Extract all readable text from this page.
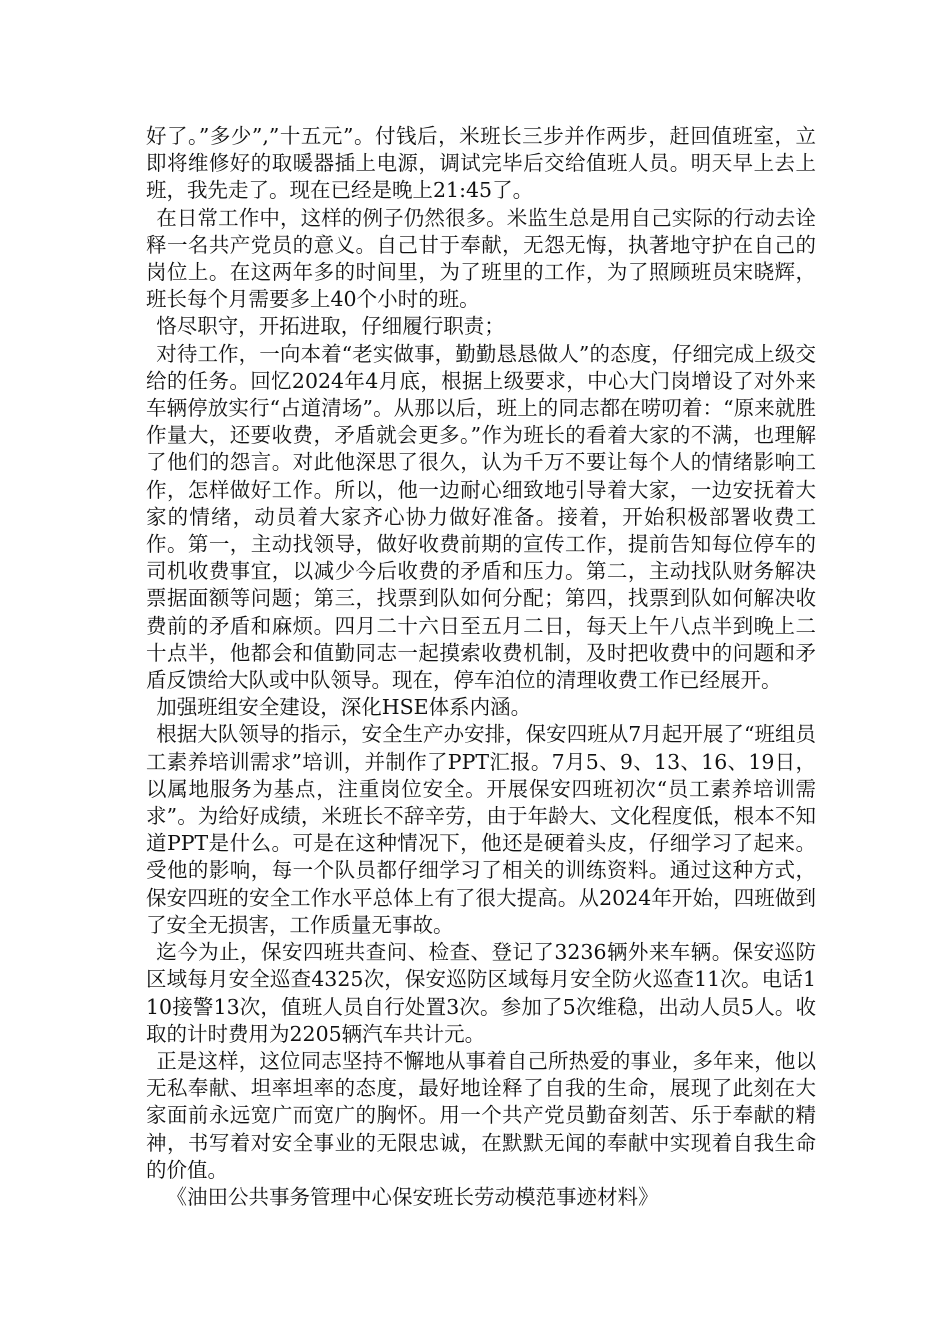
好了。”多少”,”十五元”。付钱后，米班长三步并作两步，赶回值班室，立即将维修好的取暖器插上电源，调试完毕后交给值班人员。明天早上去上班，我先走了。现在已经是晚上21:45了。

在日常工作中，这样的例子仍然很多。米监生总是用自己实际的行动去诠释一名共产党员的意义。自己甘于奉献，无怨无悔，执著地守护在自己的岗位上。在这两年多的时间里，为了班里的工作，为了照顾班员宋晓辉，班长每个月需要多上40个小时的班。

恪尽职守，开拓进取，仔细履行职责；

对待工作，一向本着“老实做事，勤勤恳恳做人”的态度，仔细完成上级交给的任务。回忆2024年4月底，根据上级要求，中心大门岗增设了对外来车辆停放实行“占道清场”。从那以后，班上的同志都在唠叨着：“原来就胜作量大，还要收费，矛盾就会更多。”作为班长的看着大家的不满，也理解了他们的怨言。对此他深思了很久，认为千万不要让每个人的情绪影响工作，怎样做好工作。所以，他一边耐心细致地引导着大家，一边安抚着大家的情绪，动员着大家齐心协力做好准备。接着，开始积极部署收费工作。第一，主动找领导，做好收费前期的宣传工作，提前告知每位停车的司机收费事宜，以减少今后收费的矛盾和压力。第二，主动找队财务解决票据面额等问题；第三，找票到队如何分配；第四，找票到队如何解决收费前的矛盾和麻烦。四月二十六日至五月二日，每天上午八点半到晚上二十点半，他都会和值勤同志一起摸索收费机制，及时把收费中的问题和矛盾反馈给大队或中队领导。现在，停车泊位的清理收费工作已经展开。

加强班组安全建设，深化HSE体系内涵。

根据大队领导的指示，安全生产办安排，保安四班从7月起开展了“班组员工素养培训需求”培训，并制作了PPT汇报。7月5、9、13、16、19日，以属地服务为基点，注重岗位安全。开展保安四班初次“员工素养培训需求”。为给好成绩，米班长不辞辛劳，由于年龄大、文化程度低，根本不知道PPT是什么。可是在这种情况下，他还是硬着头皮，仔细学习了起来。受他的影响，每一个队员都仔细学习了相关的训练资料。通过这种方式，保安四班的安全工作水平总体上有了很大提高。从2024年开始，四班做到了安全无损害，工作质量无事故。

迄今为止，保安四班共查问、检查、登记了3236辆外来车辆。保安巡防区域每月安全巡查4325次，保安巡防区域每月安全防火巡查11次。电话110接警13次，值班人员自行处置3次。参加了5次维稳，出动人员5人。收取的计时费用为2205辆汽车共计元。

正是这样，这位同志坚持不懈地从事着自己所热爱的事业，多年来，他以无私奉献、坦率坦率的态度，最好地诠释了自我的生命，展现了此刻在大家面前永远宽广而宽广的胸怀。用一个共产党员勤奋刻苦、乐于奉献的精神，书写着对安全事业的无限忠诚，在默默无闻的奉献中实现着自我生命的价值。

《油田公共事务管理中心保安班长劳动模范事迹材料》
